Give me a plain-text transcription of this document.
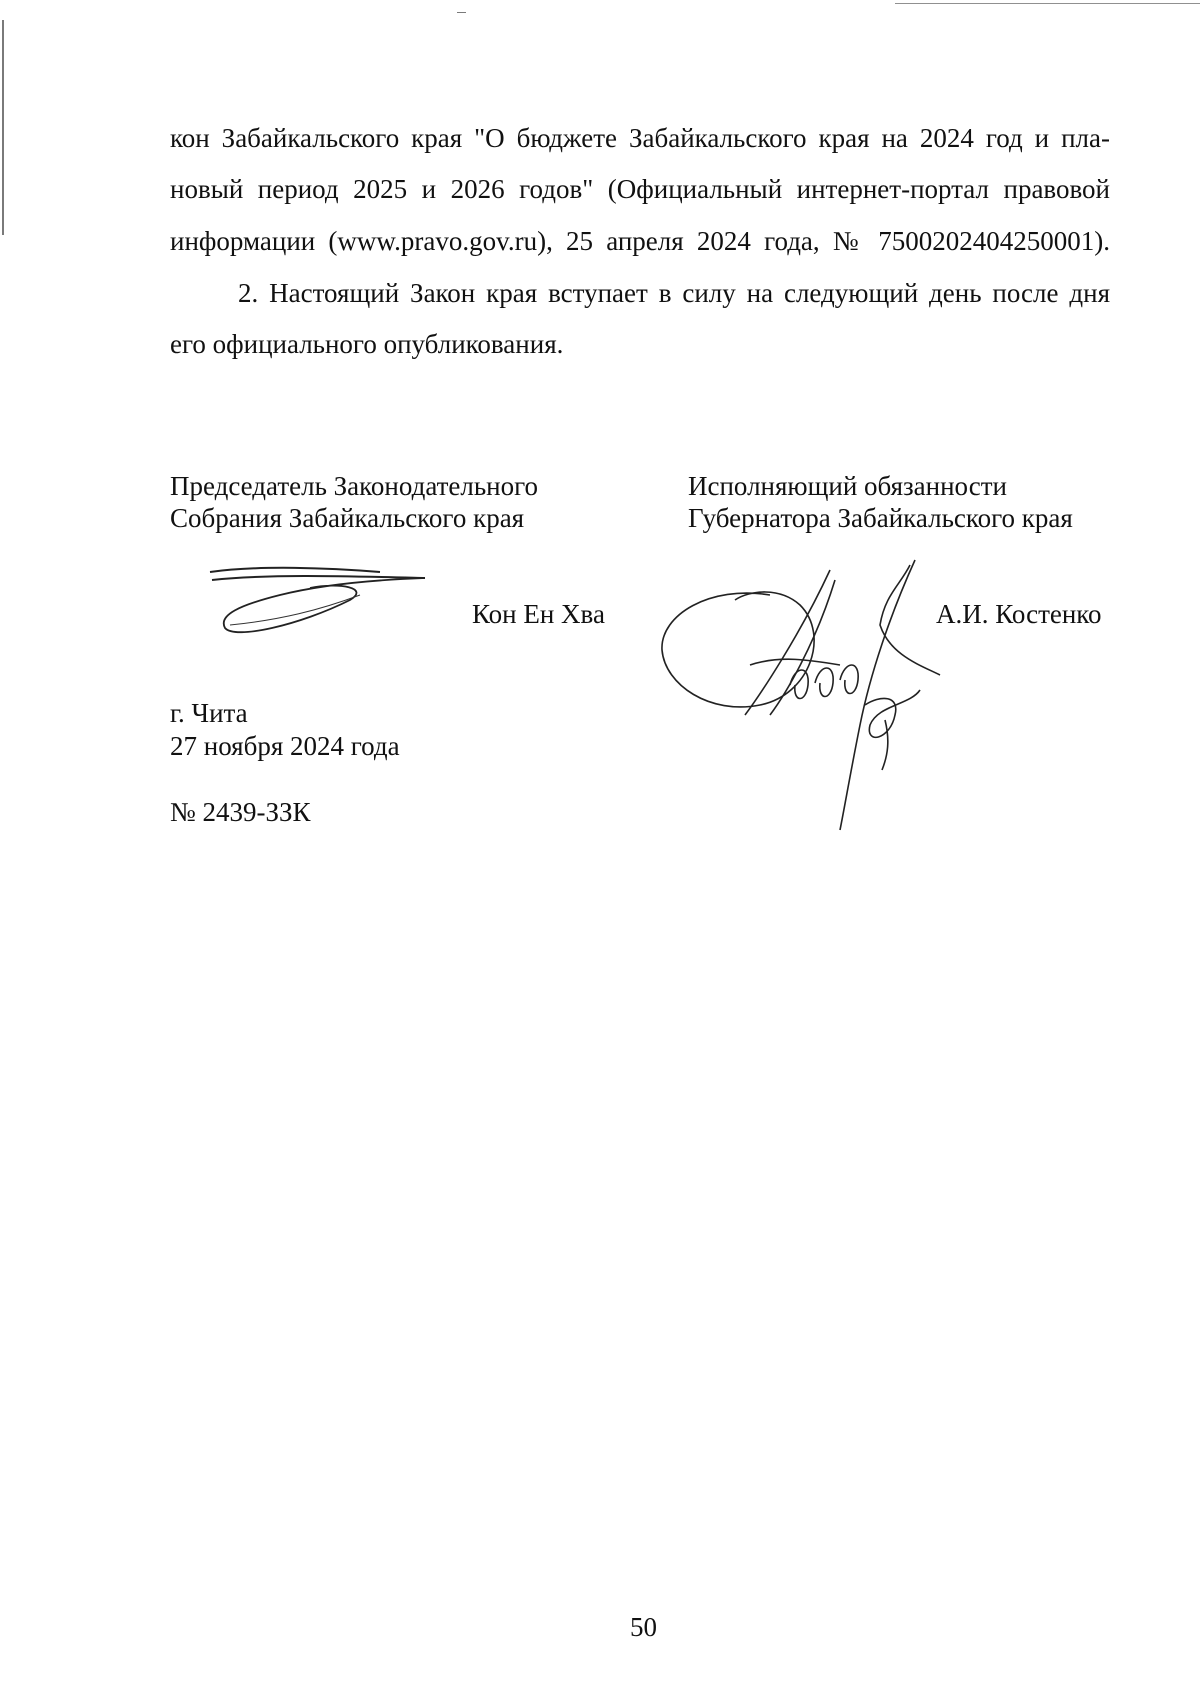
кон Забайкальского края "О бюджете Забайкальского края на 2024 год и пла-
новый период 2025 и 2026 годов" (Официальный интернет-портал правовой
информации (www.pravo.gov.ru), 25 апреля 2024 года, № 7500202404250001).
2. Настоящий Закон края вступает в силу на следующий день после дня
его официального опубликования.
Председатель Законодательного
Собрания Забайкальского края
Исполняющий обязанности
Губернатора Забайкальского края
Кон Ен Хва	А.И. Костенко
г. Чита
27 ноября 2024 года
№ 2439-ЗЗК
50
